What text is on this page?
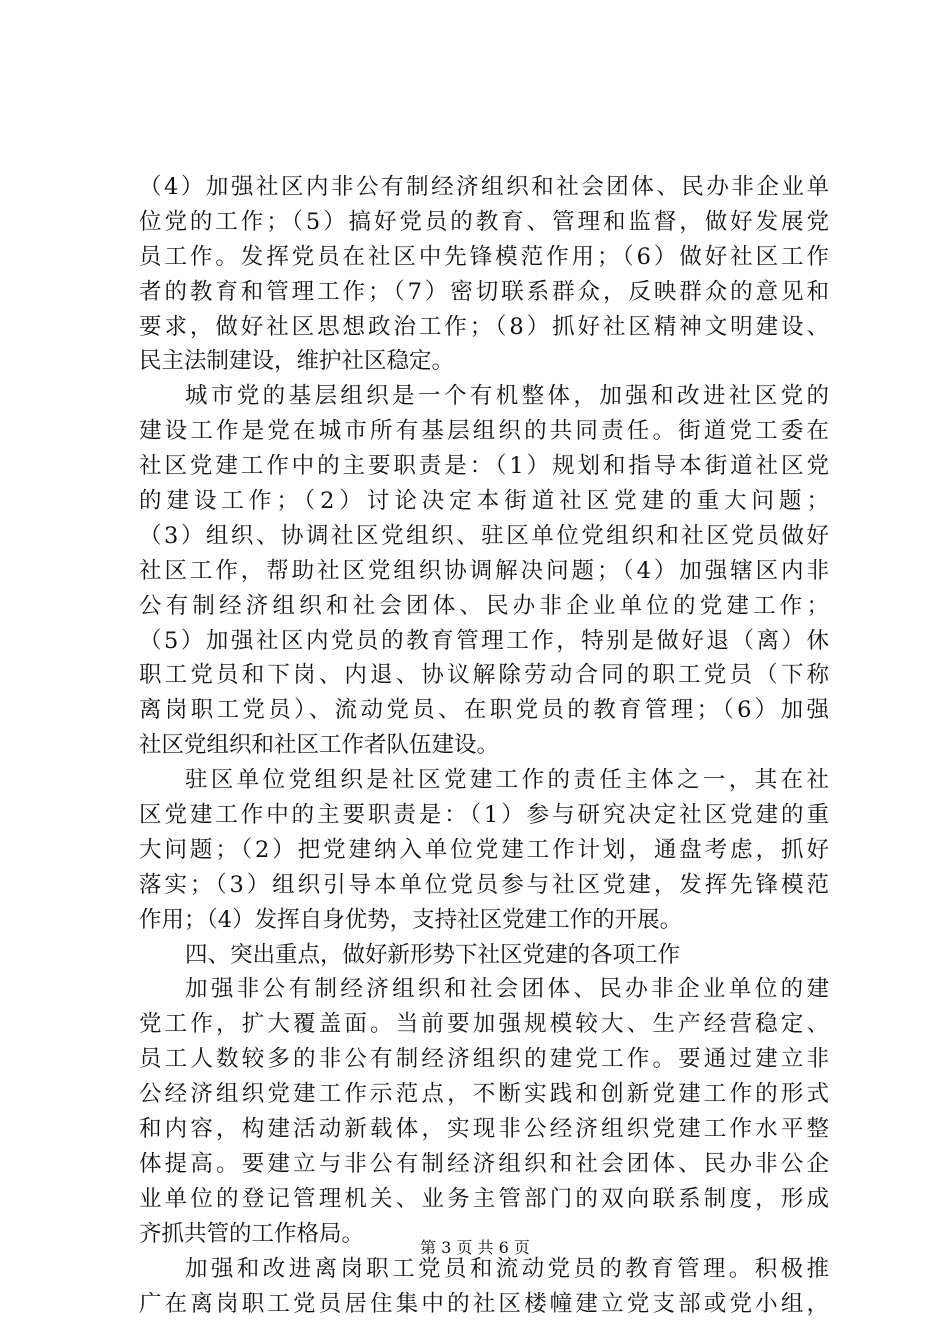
（4）加强社区内非公有制经济组织和社会团体、民办非企业单
位党的工作；（5）搞好党员的教育、管理和监督，做好发展党
员工作。发挥党员在社区中先锋模范作用；（6）做好社区工作
者的教育和管理工作；（7）密切联系群众，反映群众的意见和
要求，做好社区思想政治工作；（8）抓好社区精神文明建设、
民主法制建设，维护社区稳定。
城市党的基层组织是一个有机整体，加强和改进社区党的
建设工作是党在城市所有基层组织的共同责任。街道党工委在
社区党建工作中的主要职责是：（1）规划和指导本街道社区党
的建设工作；（2）讨论决定本街道社区党建的重大问题；
（3）组织、协调社区党组织、驻区单位党组织和社区党员做好
社区工作，帮助社区党组织协调解决问题；（4）加强辖区内非
公有制经济组织和社会团体、民办非企业单位的党建工作；
（5）加强社区内党员的教育管理工作，特别是做好退（离）休
职工党员和下岗、内退、协议解除劳动合同的职工党员（下称
离岗职工党员）、流动党员、在职党员的教育管理；（6）加强
社区党组织和社区工作者队伍建设。
驻区单位党组织是社区党建工作的责任主体之一，其在社
区党建工作中的主要职责是：（1）参与研究决定社区党建的重
大问题；（2）把党建纳入单位党建工作计划，通盘考虑，抓好
落实；（3）组织引导本单位党员参与社区党建，发挥先锋模范
作用；（4）发挥自身优势，支持社区党建工作的开展。
四、突出重点，做好新形势下社区党建的各项工作
加强非公有制经济组织和社会团体、民办非企业单位的建
党工作，扩大覆盖面。当前要加强规模较大、生产经营稳定、
员工人数较多的非公有制经济组织的建党工作。要通过建立非
公经济组织党建工作示范点，不断实践和创新党建工作的形式
和内容，构建活动新载体，实现非公经济组织党建工作水平整
体提高。要建立与非公有制经济组织和社会团体、民办非公企
业单位的登记管理机关、业务主管部门的双向联系制度，形成
齐抓共管的工作格局。
加强和改进离岗职工党员和流动党员的教育管理。积极推
广在离岗职工党员居住集中的社区楼幢建立党支部或党小组，
第 3 页 共 6 页
